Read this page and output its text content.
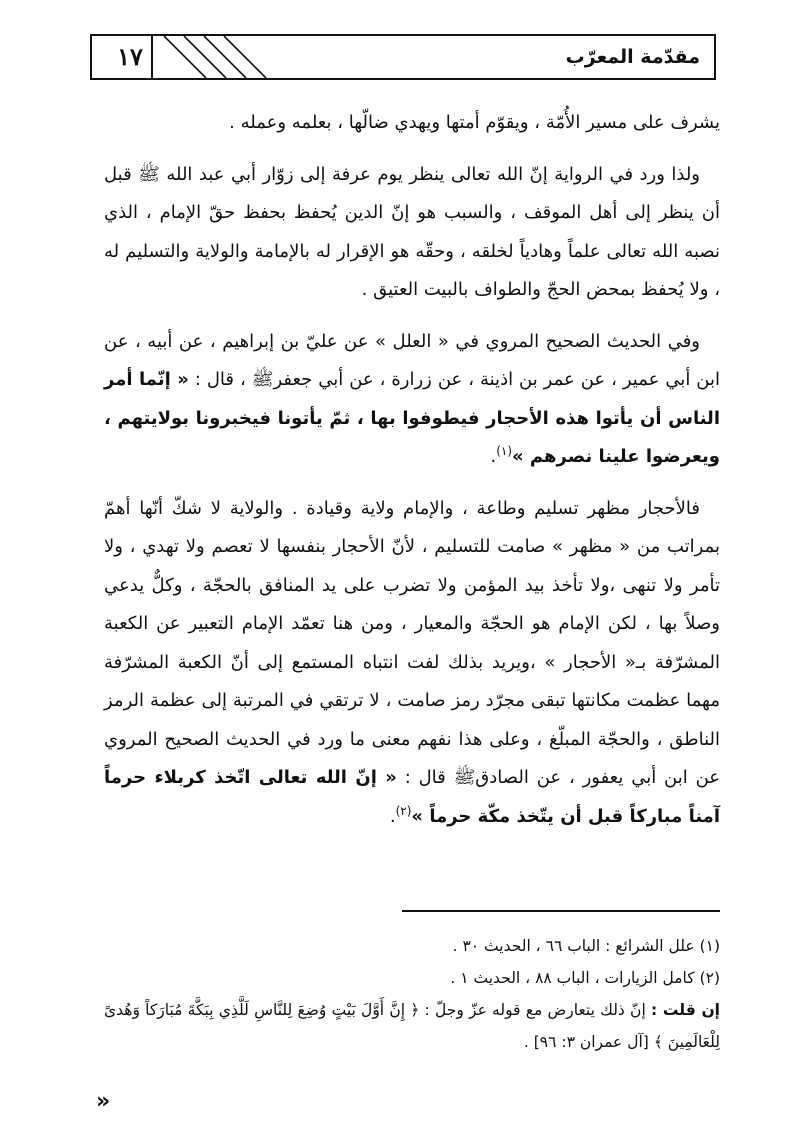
١٧	مقدّمة المعرّب

يشرف على مسير الأُمّة ، ويقوّم أمتها ويهدي ضالّها ، بعلمه وعمله .

ولذا ورد في الرواية إنّ الله تعالى ينظر يوم عرفة إلى زوّار أبي عبد الله ﷺ قبل أن ينظر إلى أهل الموقف ، والسبب هو إنّ الدين يُحفظ بحفظ حقّ الإمام ، الذي نصبه الله تعالى علماً وهادياً لخلقه ، وحقّه هو الإقرار له بالإمامة والولاية والتسليم له ، ولا يُحفظ بمحض الحجّ والطواف بالبيت العتيق .

وفي الحديث الصحيح المروي في « العلل » عن عليّ بن إبراهيم ، عن أبيه ، عن ابن أبي عمير ، عن عمر بن اذينة ، عن زرارة ، عن أبي جعفرﷺ ، قال : « إنّما أمر الناس أن يأتوا هذه الأحجار فيطوفوا بها ، ثمّ يأتونا فيخبرونا بولايتهم ، ويعرضوا علينا نصرهم »$^{(١)}$.

فالأحجار مظهر تسليم وطاعة ، والإمام ولاية وقيادة . والولاية لا شكّ أنّها أهمّ بمراتب من « مظهر » صامت للتسليم ، لأنّ الأحجار بنفسها لا تعصم ولا تهدي ، ولا تأمر ولا تنهى ،ولا تأخذ بيد المؤمن ولا تضرب على يد المنافق بالحجّة ، وكلٌّ يدعي وصلاً بها ، لكن الإمام هو الحجّة والمعيار ، ومن هنا تعمّد الإمام التعبير عن الكعبة المشرّفة بـ« الأحجار » ،ويريد بذلك لفت انتباه المستمع إلى أنّ الكعبة المشرّفة مهما عظمت مكانتها تبقى مجرّد رمز صامت ، لا ترتقي في المرتبة إلى عظمة الرمز الناطق ، والحجّة المبلّغ ، وعلى هذا نفهم معنى ما ورد في الحديث الصحيح المروي عن ابن أبي يعفور ، عن الصادقﷺ قال : « إنّ الله تعالى اتّخذ كربلاء حرماً آمناً مباركاً قبل أن يتّخذ مكّة حرماً »$^{(٢)}$.

(١) علل الشرائع : الباب ٦٦ ، الحديث ٣٠ .

(٢) كامل الزيارات ، الباب ٨٨ ، الحديث ١ .

إن قلت : إنّ ذلك يتعارض مع قوله عزّ وجلّ : ﴿ إِنَّ أَوَّلَ بَيْتٍ وُضِعَ لِلنَّاسِ لَلَّذِي بِبَكَّةَ مُبَارَكاً وَهُدىً لِلْعَالَمِينَ ﴾ [آل عمران ٣: ٩٦] .

»
